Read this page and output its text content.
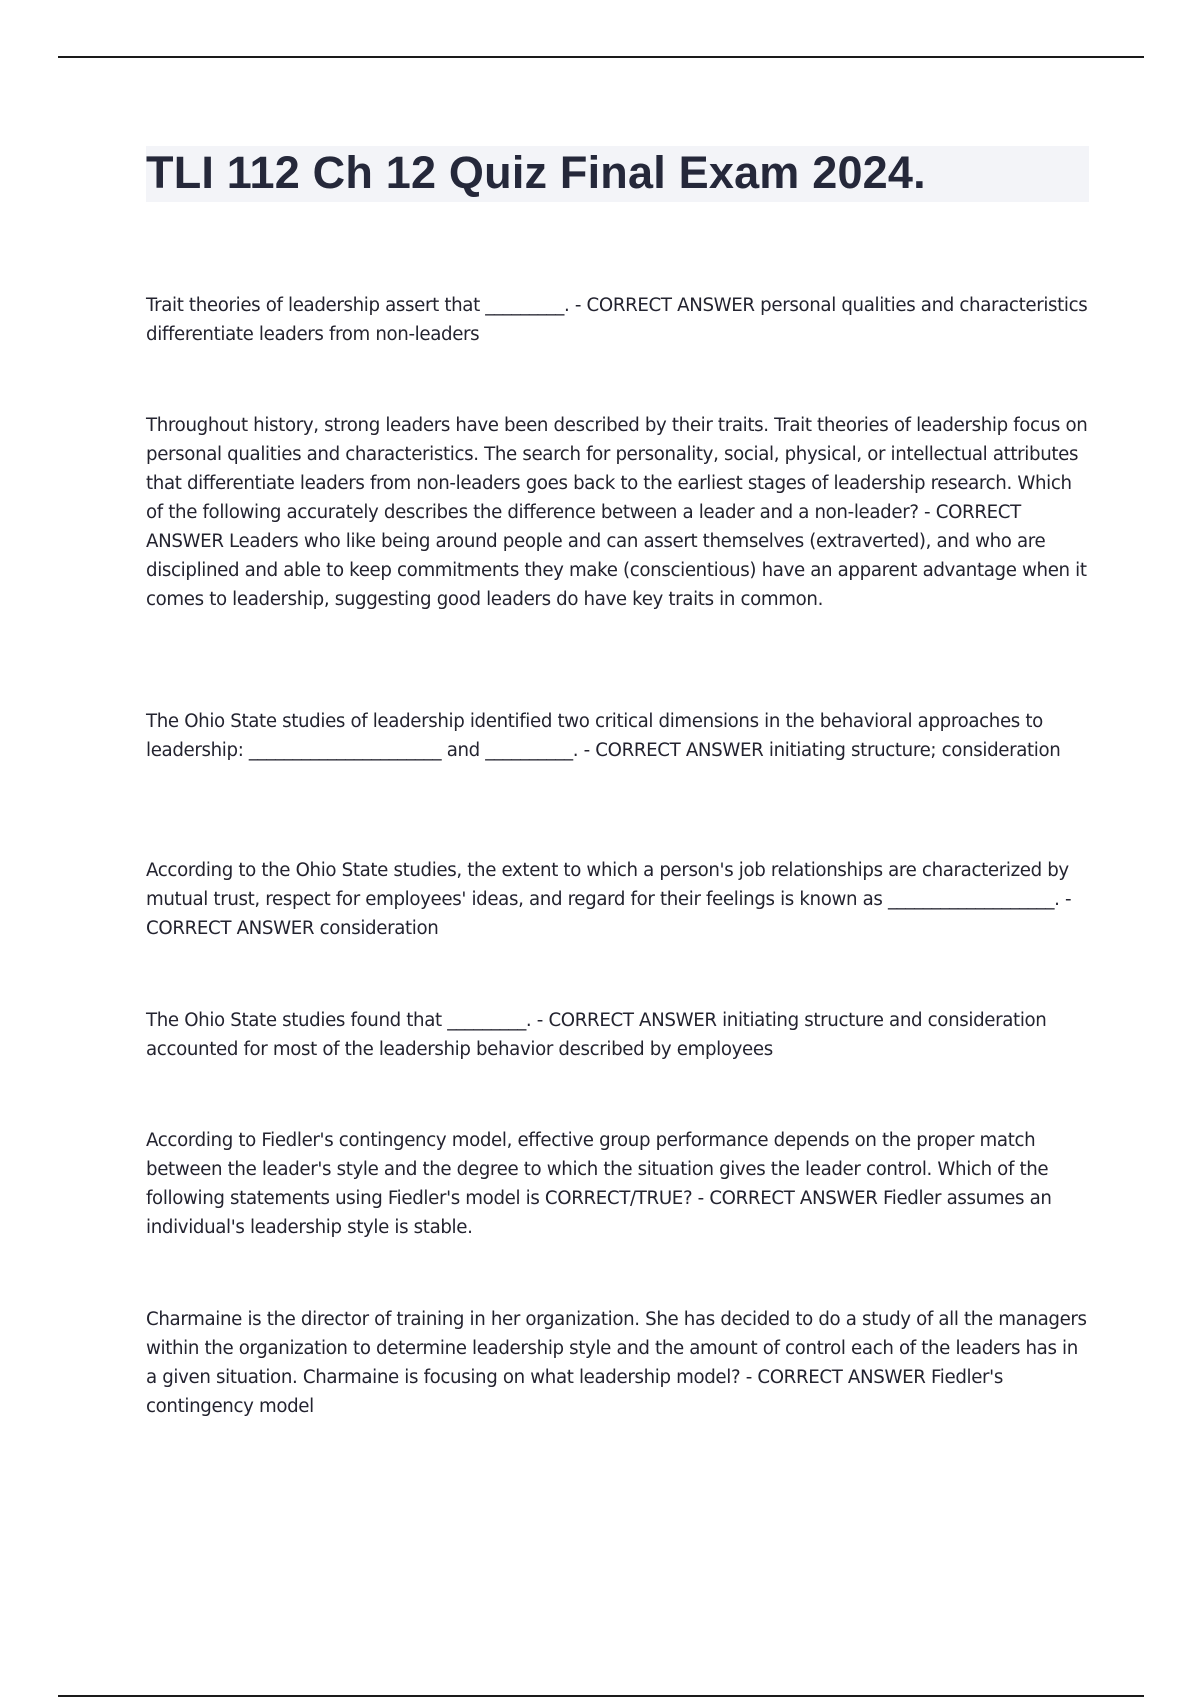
TLI 112 Ch 12 Quiz Final Exam 2024.

Trait theories of leadership assert that _________. - CORRECT ANSWER personal qualities and characteristics differentiate leaders from non-leaders

Throughout history, strong leaders have been described by their traits. Trait theories of leadership focus on personal qualities and characteristics. The search for personality, social, physical, or intellectual attributes that differentiate leaders from non-leaders goes back to the earliest stages of leadership research. Which of the following accurately describes the difference between a leader and a non-leader? - CORRECT ANSWER Leaders who like being around people and can assert themselves (extraverted), and who are disciplined and able to keep commitments they make (conscientious) have an apparent advantage when it comes to leadership, suggesting good leaders do have key traits in common.

The Ohio State studies of leadership identified two critical dimensions in the behavioral approaches to leadership: ______________________ and __________. - CORRECT ANSWER initiating structure; consideration

According to the Ohio State studies, the extent to which a person's job relationships are characterized by mutual trust, respect for employees' ideas, and regard for their feelings is known as ___________________. - CORRECT ANSWER consideration

The Ohio State studies found that _________. - CORRECT ANSWER initiating structure and consideration accounted for most of the leadership behavior described by employees

According to Fiedler's contingency model, effective group performance depends on the proper match between the leader's style and the degree to which the situation gives the leader control. Which of the following statements using Fiedler's model is CORRECT/TRUE? - CORRECT ANSWER Fiedler assumes an individual's leadership style is stable.

Charmaine is the director of training in her organization. She has decided to do a study of all the managers within the organization to determine leadership style and the amount of control each of the leaders has in a given situation. Charmaine is focusing on what leadership model? - CORRECT ANSWER Fiedler's contingency model
